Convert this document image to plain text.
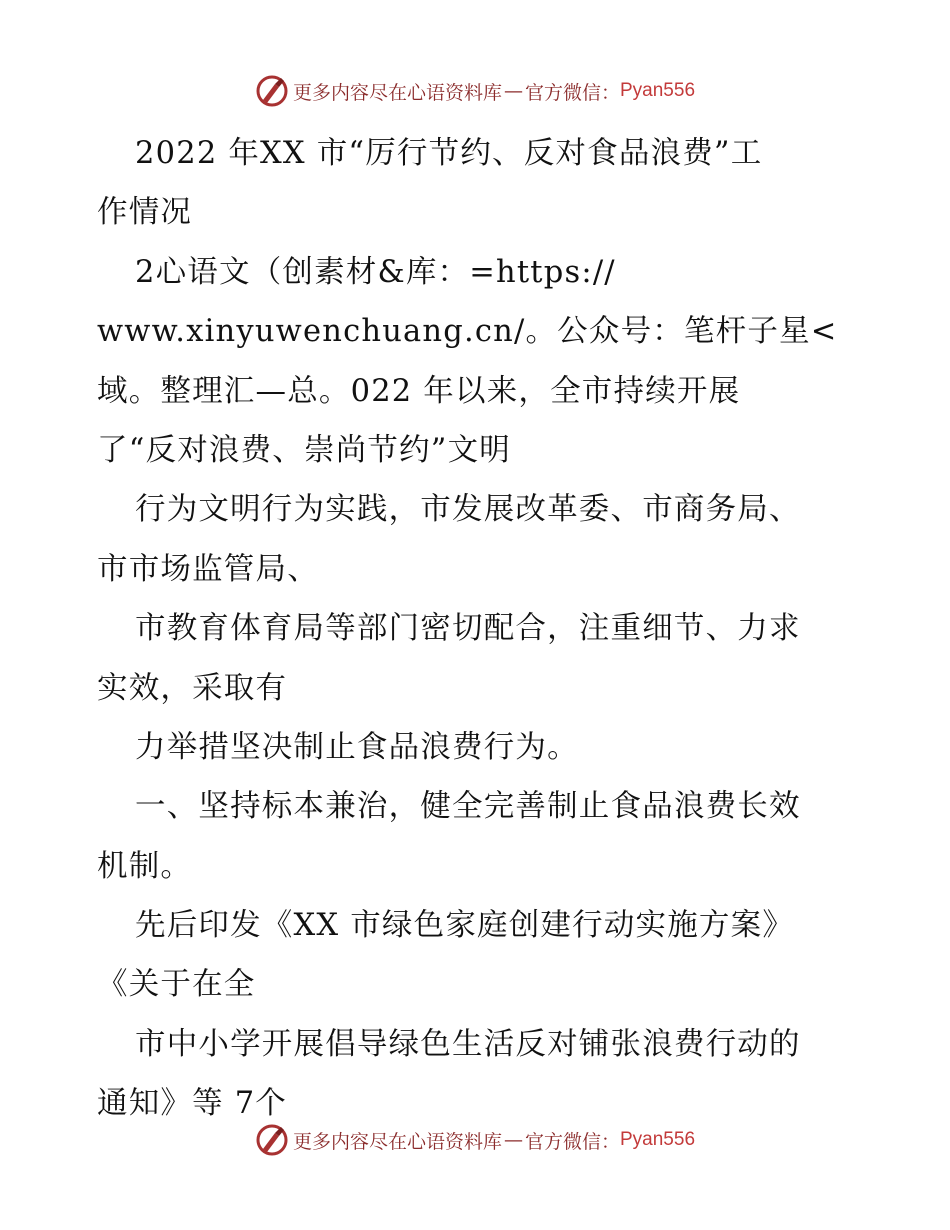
更多内容尽在心语资料库 — 官方微信： Pyan556
2022 年XX 市“厉行节约、反对食品浪费”工
作情况
2心语文（创素材&库：=https://
www.xinyuwenchuang.cn/。公众号：笔杆子星<
域。整理汇—总。022 年以来，全市持续开展
了“反对浪费、崇尚节约”文明
行为文明行为实践，市发展改革委、市商务局、
市市场监管局、
市教育体育局等部门密切配合，注重细节、力求
实效，采取有
力举措坚决制止食品浪费行为。
一、坚持标本兼治，健全完善制止食品浪费长效
机制。
先后印发《XX 市绿色家庭创建行动实施方案》
《关于在全
市中小学开展倡导绿色生活反对铺张浪费行动的
通知》等 7个
更多内容尽在心语资料库 — 官方微信： Pyan556
